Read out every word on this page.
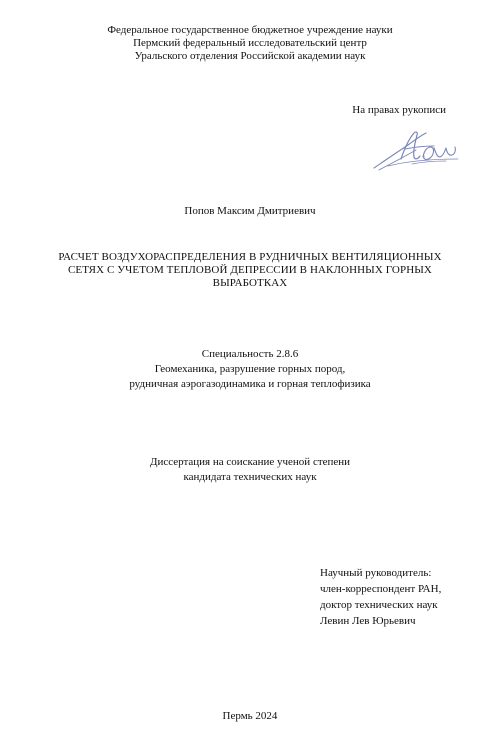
Федеральное государственное бюджетное учреждение науки
Пермский федеральный исследовательский центр
Уральского отделения Российской академии наук
На правах рукописи
Попов Максим Дмитриевич
РАСЧЕТ ВОЗДУХОРАСПРЕДЕЛЕНИЯ В РУДНИЧНЫХ ВЕНТИЛЯЦИОННЫХ
СЕТЯХ С УЧЕТОМ ТЕПЛОВОЙ ДЕПРЕССИИ В НАКЛОННЫХ ГОРНЫХ
ВЫРАБОТКАХ
Специальность 2.8.6
Геомеханика, разрушение горных пород,
рудничная аэрогазодинамика и горная теплофизика
Диссертация на соискание ученой степени
кандидата технических наук
Научный руководитель:
член-корреспондент РАН,
доктор технических наук
Левин Лев Юрьевич
Пермь 2024
